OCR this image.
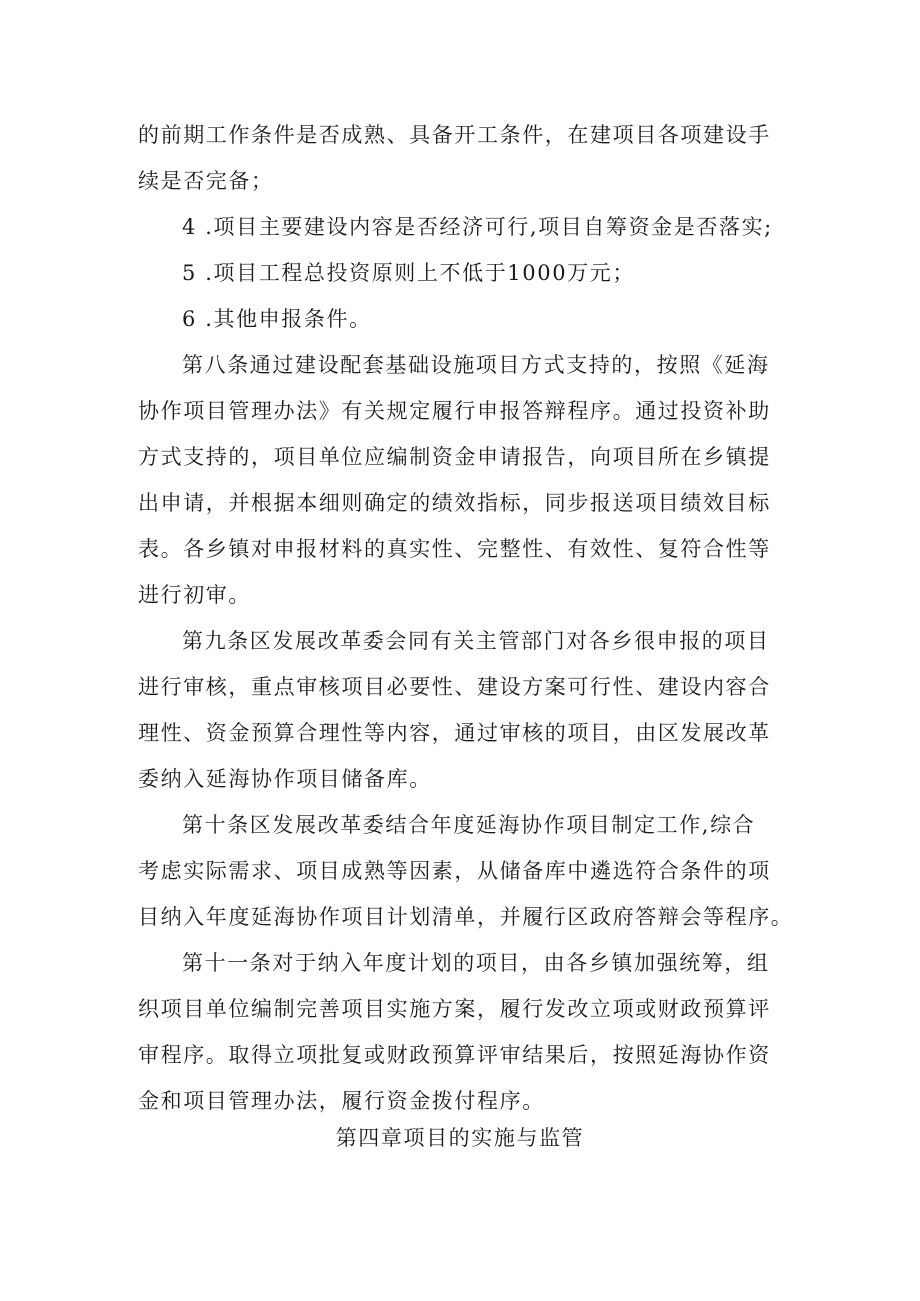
的前期工作条件是否成熟、具备开工条件，在建项目各项建设手
续是否完备；
4 .项目主要建设内容是否经济可行,项目自筹资金是否落实;
5 .项目工程总投资原则上不低于1000万元；
6 .其他申报条件。
第八条通过建设配套基础设施项目方式支持的，按照《延海
协作项目管理办法》有关规定履行申报答辩程序。通过投资补助
方式支持的，项目单位应编制资金申请报告，向项目所在乡镇提
出申请，并根据本细则确定的绩效指标，同步报送项目绩效目标
表。各乡镇对申报材料的真实性、完整性、有效性、复符合性等
进行初审。
第九条区发展改革委会同有关主管部门对各乡很申报的项目
进行审核，重点审核项目必要性、建设方案可行性、建设内容合
理性、资金预算合理性等内容，通过审核的项目，由区发展改革
委纳入延海协作项目储备库。
第十条区发展改革委结合年度延海协作项目制定工作,综合
考虑实际需求、项目成熟等因素，从储备库中遴选符合条件的项
目纳入年度延海协作项目计划清单，并履行区政府答辩会等程序。
第十一条对于纳入年度计划的项目，由各乡镇加强统筹，组
织项目单位编制完善项目实施方案，履行发改立项或财政预算评
审程序。取得立项批复或财政预算评审结果后，按照延海协作资
金和项目管理办法，履行资金拨付程序。
第四章项目的实施与监管
